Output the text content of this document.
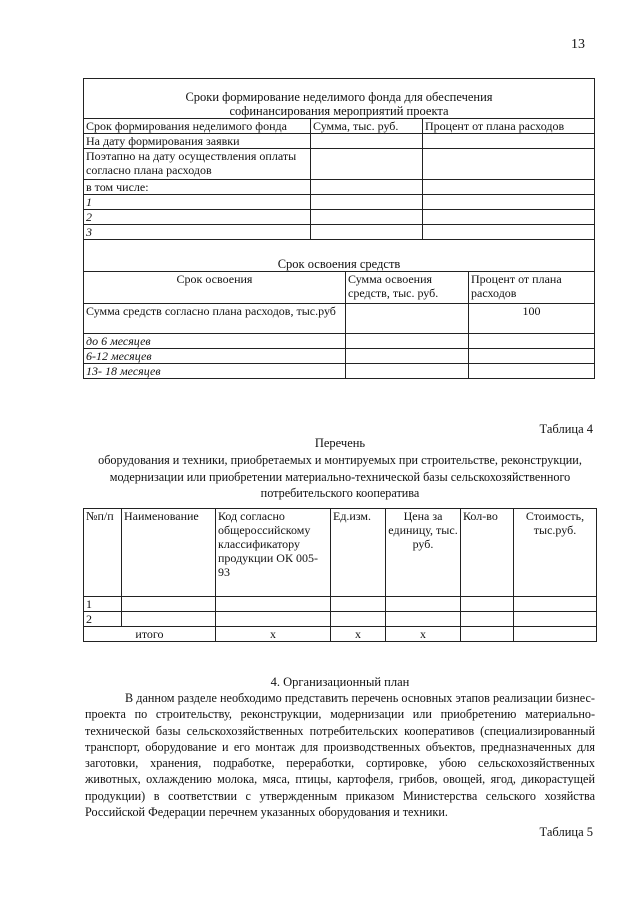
13
Сроки формирование неделимого фонда для обеспечения
софинансирования мероприятий проекта
Срок формирования неделимого фонда	Сумма, тыс. руб.	Процент от плана расходов
На дату формирования заявки		
Поэтапно на дату осуществления оплаты согласно плана расходов		
в том числе:		
1		
2		
3		
Срок освоения средств
Срок освоения	Сумма освоения средств, тыс. руб.	Процент от плана расходов
Сумма средств согласно плана расходов, тыс.руб		100
до 6 месяцев		
6-12 месяцев		
13- 18 месяцев		
Таблица 4
Перечень
оборудования и техники, приобретаемых и монтируемых при строительстве, реконструкции, модернизации или приобретении материально-технической базы сельскохозяйственного потребительского кооператива
№п/п	Наименование	Код согласно общероссийскому классификатору продукции ОК 005-93	Ед.изм.	Цена за единицу, тыс. руб.	Кол-во	Стоимость, тыс.руб.
1						
2						
итого		х	х	х		
4. Организационный план

В данном разделе необходимо представить перечень основных этапов реализации бизнес-проекта по строительству, реконструкции, модернизации или приобретению материально-технической базы сельскохозяйственных потребительских кооперативов (специализированный транспорт, оборудование и его монтаж для производственных объектов, предназначенных для заготовки, хранения, подработке, переработки, сортировке, убою сельскохозяйственных животных, охлаждению молока, мяса, птицы, картофеля, грибов, овощей, ягод, дикорастущей продукции) в соответствии с утвержденным приказом Министерства сельского хозяйства Российской Федерации перечнем указанных оборудования и техники.

Таблица 5
